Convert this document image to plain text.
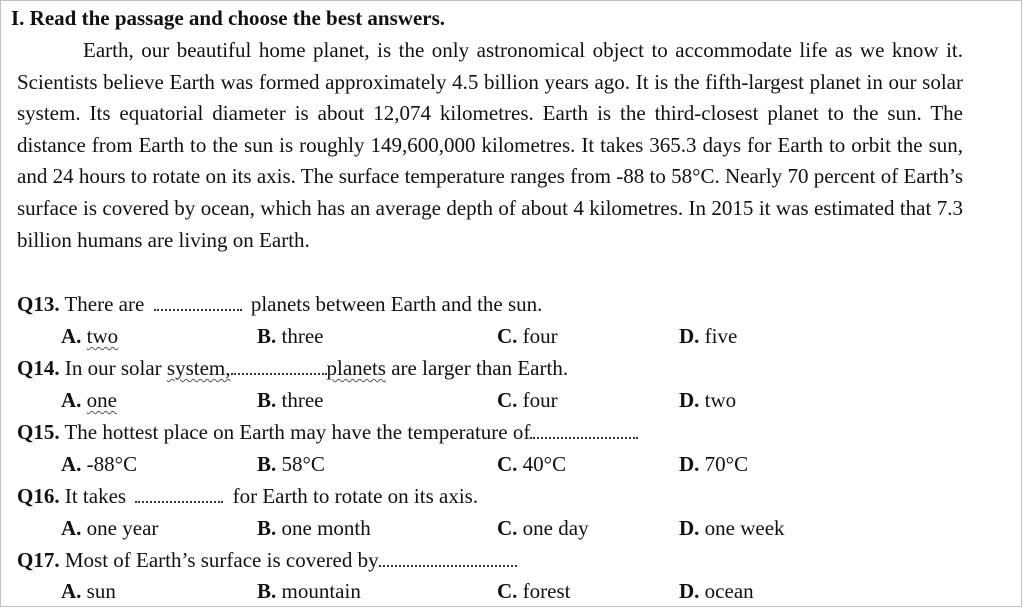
I. Read the passage and choose the best answers.

Earth, our beautiful home planet, is the only astronomical object to accommodate life as we know it. Scientists believe Earth was formed approximately 4.5 billion years ago. It is the fifth-largest planet in our solar system. Its equatorial diameter is about 12,074 kilometres. Earth is the third-closest planet to the sun. The distance from Earth to the sun is roughly 149,600,000 kilometres. It takes 365.3 days for Earth to orbit the sun, and 24 hours to rotate on its axis. The surface temperature ranges from -88 to 58°C. Nearly 70 percent of Earth’s surface is covered by ocean, which has an average depth of about 4 kilometres. In 2015 it was estimated that 7.3 billion humans are living on Earth.

Q13. There are	planets between Earth and the sun.
A. two	B. three	C. four	D. five
Q14. In our solar system,	planets are larger than Earth.
A. one	B. three	C. four	D. two
Q15. The hottest place on Earth may have the temperature of
A. -88°C	B. 58°C	C. 40°C	D. 70°C
Q16. It takes	for Earth to rotate on its axis.
A. one year	B. one month	C. one day	D. one week
Q17. Most of Earth’s surface is covered by
A. sun	B. mountain	C. forest	D. ocean
